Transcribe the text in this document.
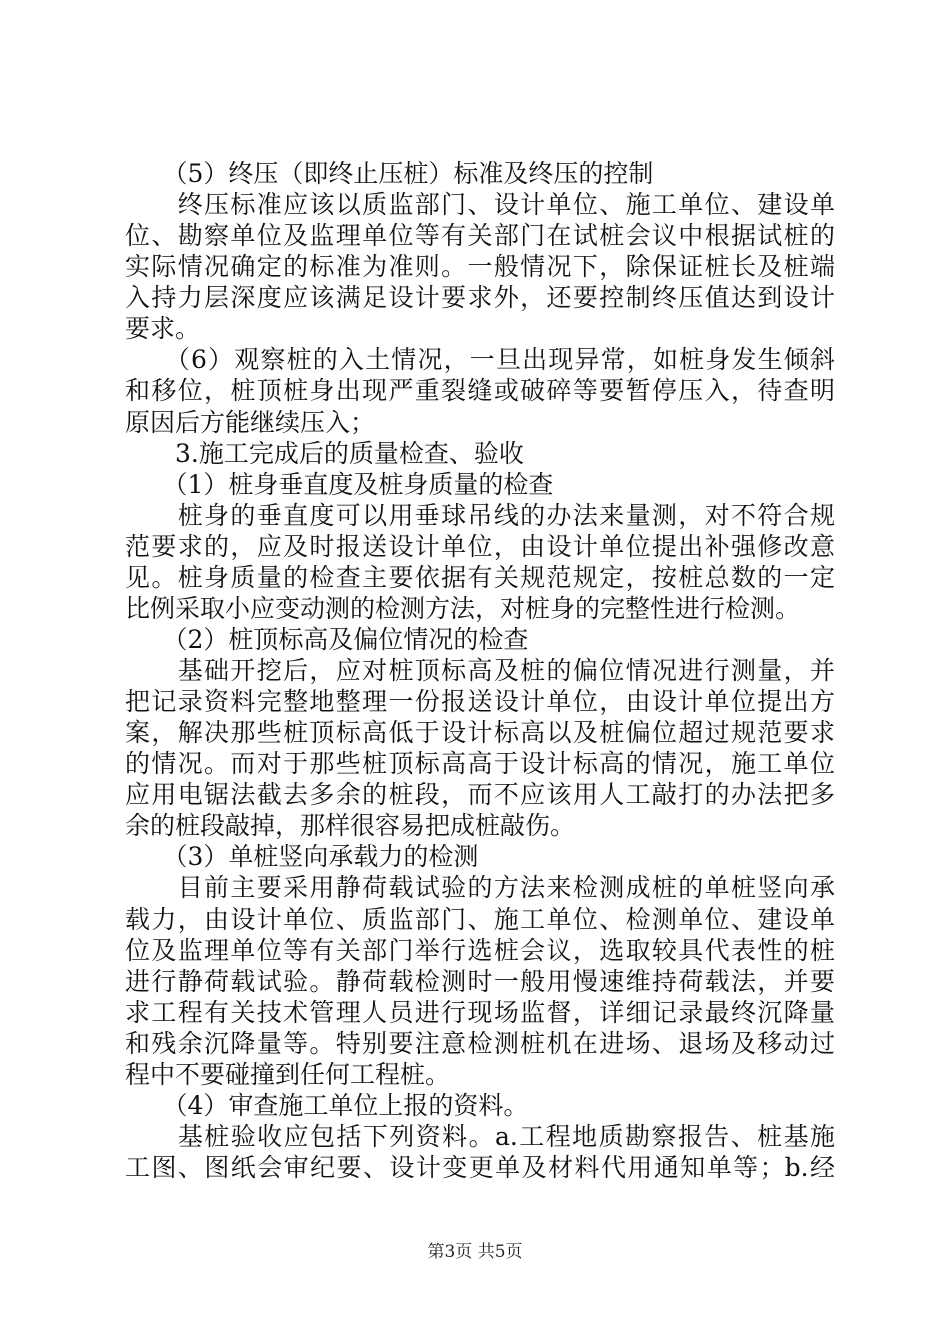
　　（5）终压（即终止压桩）标准及终压的控制
　　终压标准应该以质监部门、设计单位、施工单位、建设单
位、勘察单位及监理单位等有关部门在试桩会议中根据试桩的
实际情况确定的标准为准则。一般情况下，除保证桩长及桩端
入持力层深度应该满足设计要求外，还要控制终压值达到设计
要求。
　　（6）观察桩的入土情况，一旦出现异常，如桩身发生倾斜
和移位，桩顶桩身出现严重裂缝或破碎等要暂停压入，待查明
原因后方能继续压入；
　　3.施工完成后的质量检查、验收
　　（1）桩身垂直度及桩身质量的检查
　　桩身的垂直度可以用垂球吊线的办法来量测，对不符合规
范要求的，应及时报送设计单位，由设计单位提出补强修改意
见。桩身质量的检查主要依据有关规范规定，按桩总数的一定
比例采取小应变动测的检测方法，对桩身的完整性进行检测。
　　（2）桩顶标高及偏位情况的检查
　　基础开挖后，应对桩顶标高及桩的偏位情况进行测量，并
把记录资料完整地整理一份报送设计单位，由设计单位提出方
案，解决那些桩顶标高低于设计标高以及桩偏位超过规范要求
的情况。而对于那些桩顶标高高于设计标高的情况，施工单位
应用电锯法截去多余的桩段，而不应该用人工敲打的办法把多
余的桩段敲掉，那样很容易把成桩敲伤。
　　（3）单桩竖向承载力的检测
　　目前主要采用静荷载试验的方法来检测成桩的单桩竖向承
载力，由设计单位、质监部门、施工单位、检测单位、建设单
位及监理单位等有关部门举行选桩会议，选取较具代表性的桩
进行静荷载试验。静荷载检测时一般用慢速维持荷载法，并要
求工程有关技术管理人员进行现场监督，详细记录最终沉降量
和残余沉降量等。特别要注意检测桩机在进场、退场及移动过
程中不要碰撞到任何工程桩。
　　（4）审查施工单位上报的资料。
　　基桩验收应包括下列资料。a.工程地质勘察报告、桩基施
工图、图纸会审纪要、设计变更单及材料代用通知单等；b.经
第3页 共5页
